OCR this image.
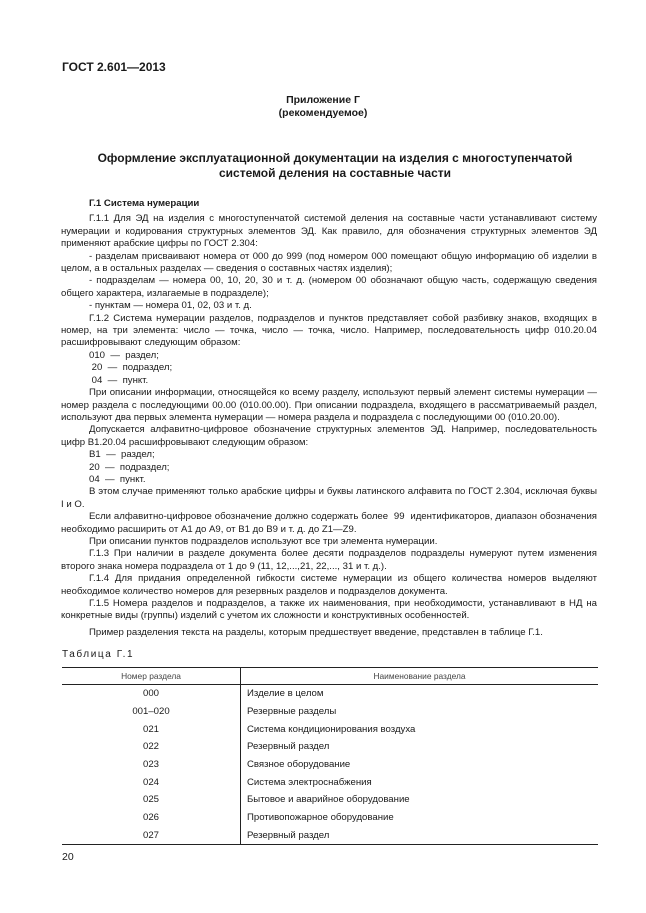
ГОСТ 2.601—2013
Приложение Г
(рекомендуемое)
Оформление эксплуатационной документации на изделия с многоступенчатой системой деления на составные части

Г.1 Система нумерации

Г.1.1 Для ЭД на изделия с многоступенчатой системой деления на составные части устанавливают систему нумерации и кодирования структурных элементов ЭД. Как правило, для обозначения структурных элементов ЭД применяют арабские цифры по ГОСТ 2.304:

- разделам присваивают номера от 000 до 999 (под номером 000 помещают общую информацию об изделии в целом, а в остальных разделах — сведения о составных частях изделия);

- подразделам — номера 00, 10, 20, 30 и т. д. (номером 00 обозначают общую часть, содержащую сведения общего характера, излагаемые в подразделе);

- пунктам — номера 01, 02, 03 и т. д.

Г.1.2 Система нумерации разделов, подразделов и пунктов представляет собой разбивку знаков, входящих в номер, на три элемента: число — точка, число — точка, число. Например, последовательность цифр 010.20.04 расшифровывают следующим образом:

010  —  раздел;

20  —  подраздел;

04  —  пункт.

При описании информации, относящейся ко всему разделу, используют первый элемент системы нумерации — номер раздела с последующими 00.00 (010.00.00). При описании подраздела, входящего в рассматриваемый раздел, используют два первых элемента нумерации — номера раздела и подраздела с последующими 00 (010.20.00).

Допускается алфавитно-цифровое обозначение структурных элементов ЭД. Например, последовательность цифр В1.20.04 расшифровывают следующим образом:

В1  —  раздел;

20  —  подраздел;

04  —  пункт.

В этом случае применяют только арабские цифры и буквы латинского алфавита по ГОСТ 2.304, исключая буквы I и O.

Если алфавитно-цифровое обозначение должно содержать более  99  идентификаторов, диапазон обозначения необходимо расширить от А1 до А9, от В1 до В9 и т. д. до Z1—Z9.

При описании пунктов подразделов используют все три элемента нумерации.

Г.1.3 При наличии в разделе документа более десяти подразделов подразделы нумеруют путем изменения второго знака номера подраздела от 1 до 9 (11, 12,...,21, 22,..., 31 и т. д.).

Г.1.4 Для придания определенной гибкости системе нумерации из общего количества номеров выделяют необходимое количество номеров для резервных разделов и подразделов документа.

Г.1.5 Номера разделов и подразделов, а также их наименования, при необходимости, устанавливают в НД на конкретные виды (группы) изделий с учетом их сложности и конструктивных особенностей.

Пример разделения текста на разделы, которым предшествует введение, представлен в таблице Г.1.

Таблица Г.1
Номер раздела	Наименование раздела
000	Изделие в целом
001–020	Резервные разделы
021	Система кондиционирования воздуха
022	Резервный раздел
023	Связное оборудование
024	Система электроснабжения
025	Бытовое и аварийное оборудование
026	Противопожарное оборудование
027	Резервный раздел
20
